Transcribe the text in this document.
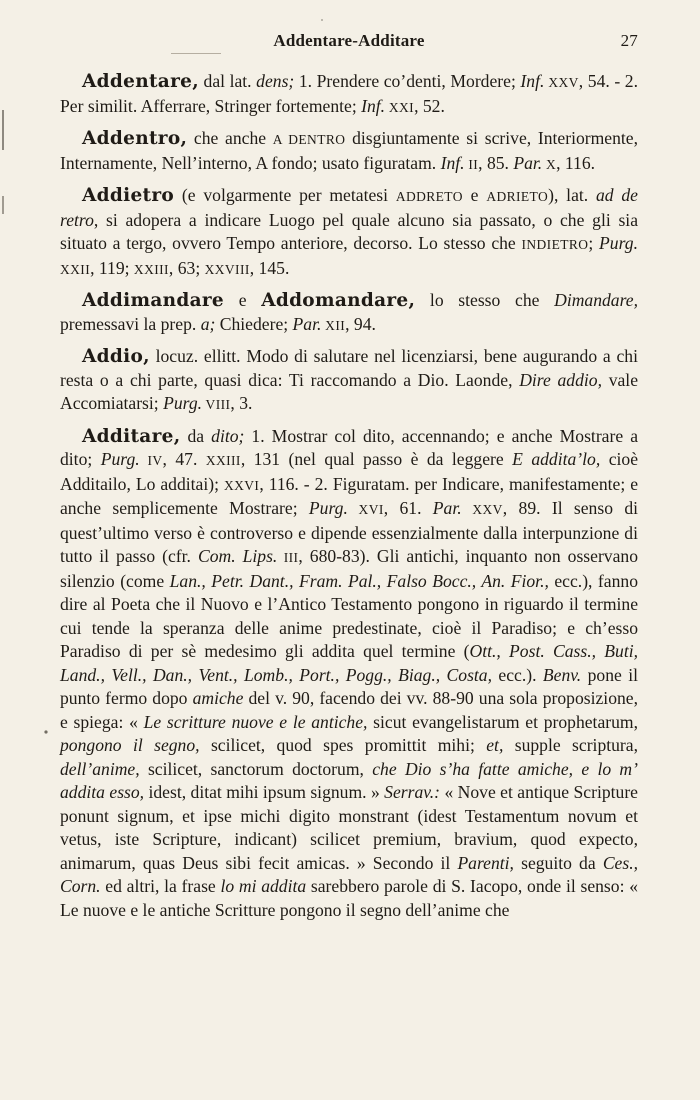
Addentare-Additare	27

Addentare, dal lat. dens; 1. Prendere co’denti, Mordere; Inf. XXV, 54. - 2. Per similit. Afferrare, Stringer fortemente; Inf. XXI, 52.

Addentro, che anche A DENTRO disgiuntamente si scrive, Interiormente, Internamente, Nell’interno, A fondo; usato figuratam. Inf. II, 85. Par. X, 116.

Addietro (e volgarmente per metatesi ADDRETO e ADRIETO), lat. ad de retro, si adopera a indicare Luogo pel quale alcuno sia passato, o che gli sia situato a tergo, ovvero Tempo anteriore, decorso. Lo stesso che INDIETRO; Purg. XXII, 119; XXIII, 63; XXVIII, 145.

Addimandare e Addomandare, lo stesso che Dimandare, premessavi la prep. a; Chiedere; Par. XII, 94.

Addio, locuz. ellitt. Modo di salutare nel licenziarsi, bene augurando a chi resta o a chi parte, quasi dica: Ti raccomando a Dio. Laonde, Dire addio, vale Accomiatarsi; Purg. VIII, 3.

Additare, da dito; 1. Mostrar col dito, accennando; e anche Mostrare a dito; Purg. IV, 47. XXIII, 131 (nel qual passo è da leggere E addita’lo, cioè Additailo, Lo additai); XXVI, 116. - 2. Figuratam. per Indicare, manifestamente; e anche semplicemente Mostrare; Purg. XVI, 61. Par. XXV, 89. Il senso di quest’ultimo verso è controverso e dipende essenzialmente dalla interpunzione di tutto il passo (cfr. Com. Lips. III, 680-83). Gli antichi, inquanto non osservano silenzio (come Lan., Petr. Dant., Fram. Pal., Falso Bocc., An. Fior., ecc.), fanno dire al Poeta che il Nuovo e l’Antico Testamento pongono in riguardo il termine cui tende la speranza delle anime predestinate, cioè il Paradiso; e ch’esso Paradiso di per sè medesimo gli addita quel termine (Ott., Post. Cass., Buti, Land., Vell., Dan., Vent., Lomb., Port., Pogg., Biag., Costa, ecc.). Benv. pone il punto fermo dopo amiche del v. 90, facendo dei vv. 88-90 una sola proposizione, e spiega: « Le scritture nuove e le antiche, sicut evangelistarum et prophetarum, pongono il segno, scilicet, quod spes promittit mihi; et, supple scriptura, dell’anime, scilicet, sanctorum doctorum, che Dio s’ha fatte amiche, e lo m’ addita esso, idest, ditat mihi ipsum signum. » Serrav.: « Nove et antique Scripture ponunt signum, et ipse michi digito monstrant (idest Testamentum novum et vetus, iste Scripture, indicant) scilicet premium, bravium, quod expecto, animarum, quas Deus sibi fecit amicas. » Secondo il Parenti, seguito da Ces., Corn. ed altri, la frase lo mi addita sarebbero parole di S. Iacopo, onde il senso: « Le nuove e le antiche Scritture pongono il segno dell’anime che
